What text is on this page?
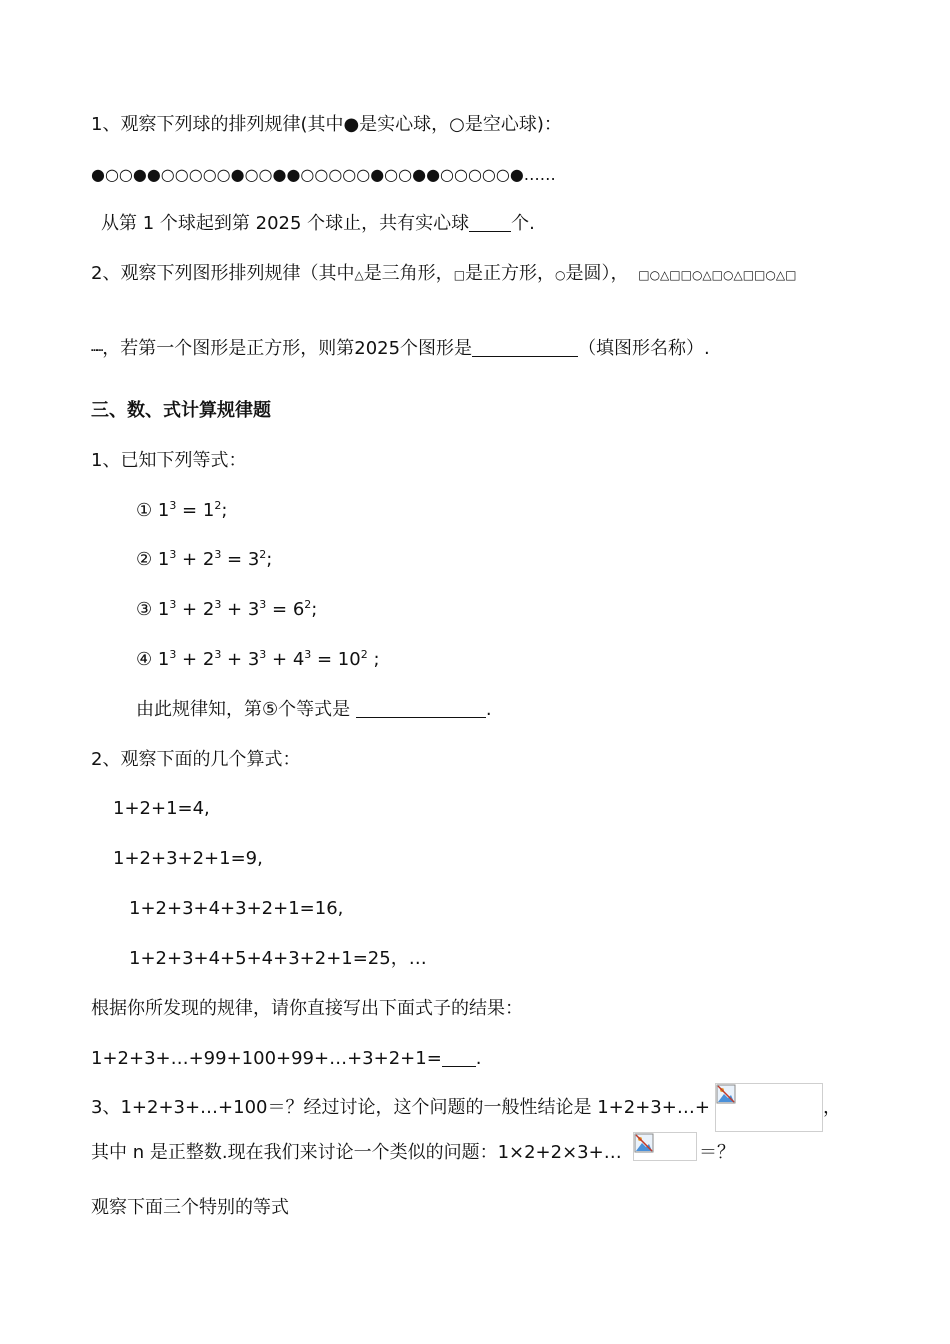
1、观察下列球的排列规律(其中●是实心球，○是空心球)：
●○○●●○○○○○●○○●●○○○○○●○○●●○○○○○●……
从第 1 个球起到第 2025 个球止，共有实心球 个.
2、观察下列图形排列规律（其中△是三角形，□是正方形，○是圆）， □○△□□○△□○△□□○△□
┅┅，若第一个图形是正方形，则第2025个图形是	（填图形名称）.
三、数、式计算规律题
1、已知下列等式：
① $1^3 = 1^2$;
② $1^3 + 2^3 = 3^2$;
③ $1^3 + 2^3 + 3^3 = 6^2$;
④ $1^3 + 2^3 + 3^3 + 4^3 = 10^2$ ;
由此规律知，第⑤个等式是	.
2、观察下面的几个算式：
1+2+1=4,
1+2+3+2+1=9,
1+2+3+4+3+2+1=16,
1+2+3+4+5+4+3+2+1=25，…
根据你所发现的规律，请你直接写出下面式子的结果：
1+2+3+…+99+100+99+…+3+2+1= .
3、1+2+3+…+100＝？经过讨论，这个问题的一般性结论是 1+2+3+…+	，
其中 n 是正整数.现在我们来讨论一个类似的问题：1×2+2×3+…	＝？
观察下面三个特别的等式
